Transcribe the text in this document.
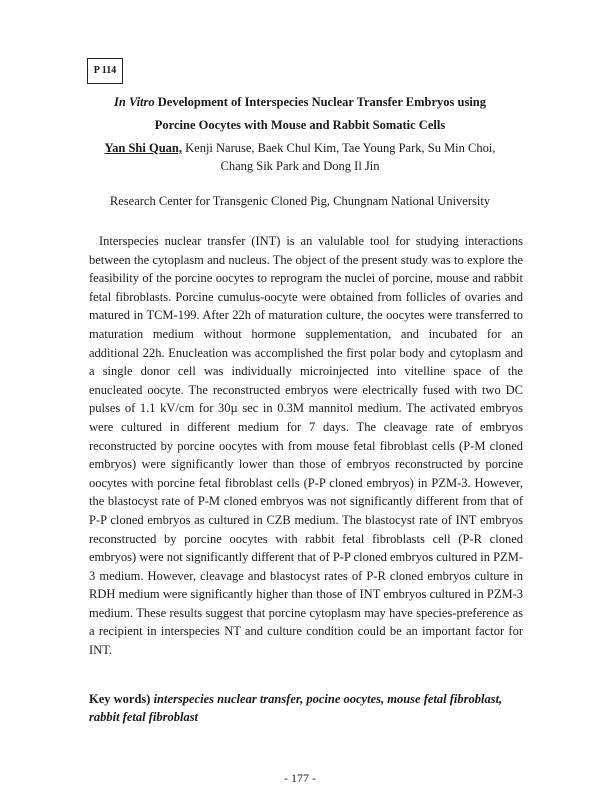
P 114
In Vitro Development of Interspecies Nuclear Transfer Embryos using
Porcine Oocytes with Mouse and Rabbit Somatic Cells
Yan Shi Quan, Kenji Naruse, Baek Chul Kim, Tae Young Park, Su Min Choi,
Chang Sik Park and Dong Il Jin
Research Center for Transgenic Cloned Pig, Chungnam National University
Interspecies nuclear transfer (INT) is an valulable tool for studying interactions between the cytoplasm and nucleus. The object of the present study was to explore the feasibility of the porcine oocytes to reprogram the nuclei of porcine, mouse and rabbit fetal fibroblasts. Porcine cumulus-oocyte were obtained from follicles of ovaries and matured in TCM-199. After 22h of maturation culture, the oocytes were transferred to maturation medium without hormone supplementation, and incubated for an additional 22h. Enucleation was accomplished the first polar body and cytoplasm and a single donor cell was individually microinjected into vitelline space of the enucleated oocyte. The reconstructed embryos were electrically fused with two DC pulses of 1.1 kV/cm for 30µ sec in 0.3M mannitol medium. The activated embryos were cultured in different medium for 7 days. The cleavage rate of embryos reconstructed by porcine oocytes with from mouse fetal fibroblast cells (P-M cloned embryos) were significantly lower than those of embryos reconstructed by porcine oocytes with porcine fetal fibroblast cells (P-P cloned embryos) in PZM-3. However, the blastocyst rate of P-M cloned embryos was not significantly different from that of P-P cloned embryos as cultured in CZB medium. The blastocyst rate of INT embryos reconstructed by porcine oocytes with rabbit fetal fibroblasts cell (P-R cloned embryos) were not significantly different that of P-P cloned embryos cultured in PZM-3 medium. However, cleavage and blastocyst rates of P-R cloned embryos culture in RDH medium were significantly higher than those of INT embryos cultured in PZM-3 medium. These results suggest that porcine cytoplasm may have species-preference as a recipient in interspecies NT and culture condition could be an important factor for INT.
Key words) interspecies nuclear transfer, pocine oocytes, mouse fetal fibroblast, rabbit fetal fibroblast
- 177 -
